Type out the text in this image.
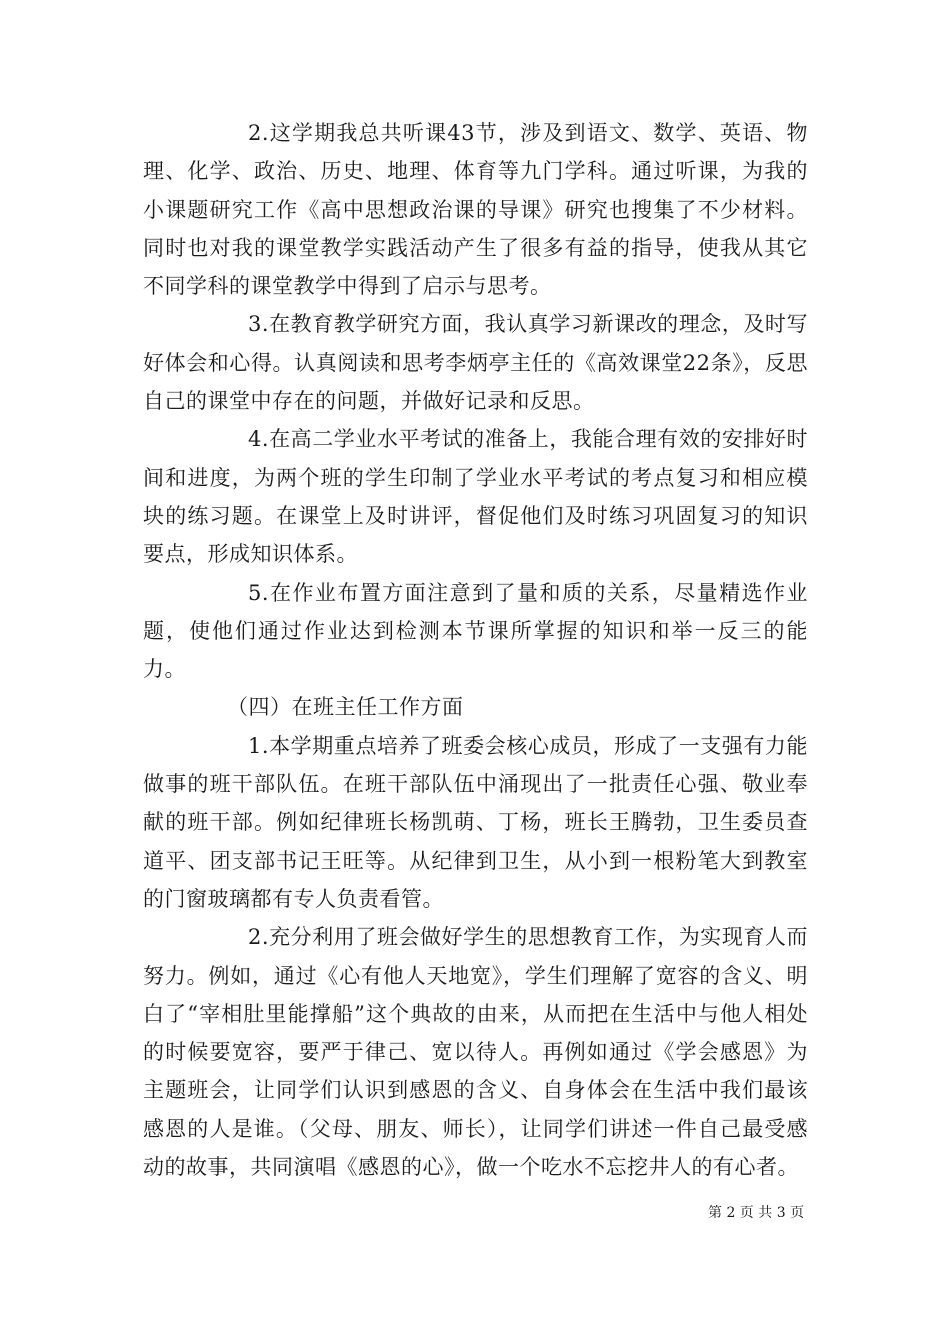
2.这学期我总共听课43节，涉及到语文、数学、英语、物理、化学、政治、历史、地理、体育等九门学科。通过听课，为我的小课题研究工作《高中思想政治课的导课》研究也搜集了不少材料。同时也对我的课堂教学实践活动产生了很多有益的指导，使我从其它不同学科的课堂教学中得到了启示与思考。

3.在教育教学研究方面，我认真学习新课改的理念，及时写好体会和心得。认真阅读和思考李炳亭主任的《高效课堂22条》，反思自己的课堂中存在的问题，并做好记录和反思。

4.在高二学业水平考试的准备上，我能合理有效的安排好时间和进度，为两个班的学生印制了学业水平考试的考点复习和相应模块的练习题。在课堂上及时讲评，督促他们及时练习巩固复习的知识要点，形成知识体系。

5.在作业布置方面注意到了量和质的关系，尽量精选作业题，使他们通过作业达到检测本节课所掌握的知识和举一反三的能力。

（四）在班主任工作方面

1.本学期重点培养了班委会核心成员，形成了一支强有力能做事的班干部队伍。在班干部队伍中涌现出了一批责任心强、敬业奉献的班干部。例如纪律班长杨凯萌、丁杨，班长王腾勃，卫生委员查道平、团支部书记王旺等。从纪律到卫生，从小到一根粉笔大到教室的门窗玻璃都有专人负责看管。

2.充分利用了班会做好学生的思想教育工作，为实现育人而努力。例如，通过《心有他人天地宽》，学生们理解了宽容的含义、明白了“宰相肚里能撑船”这个典故的由来，从而把在生活中与他人相处的时候要宽容，要严于律己、宽以待人。再例如通过《学会感恩》为主题班会，让同学们认识到感恩的含义、自身体会在生活中我们最该感恩的人是谁。（父母、朋友、师长），让同学们讲述一件自己最受感动的故事，共同演唱《感恩的心》，做一个吃水不忘挖井人的有心者。

第 2 页 共 3 页
